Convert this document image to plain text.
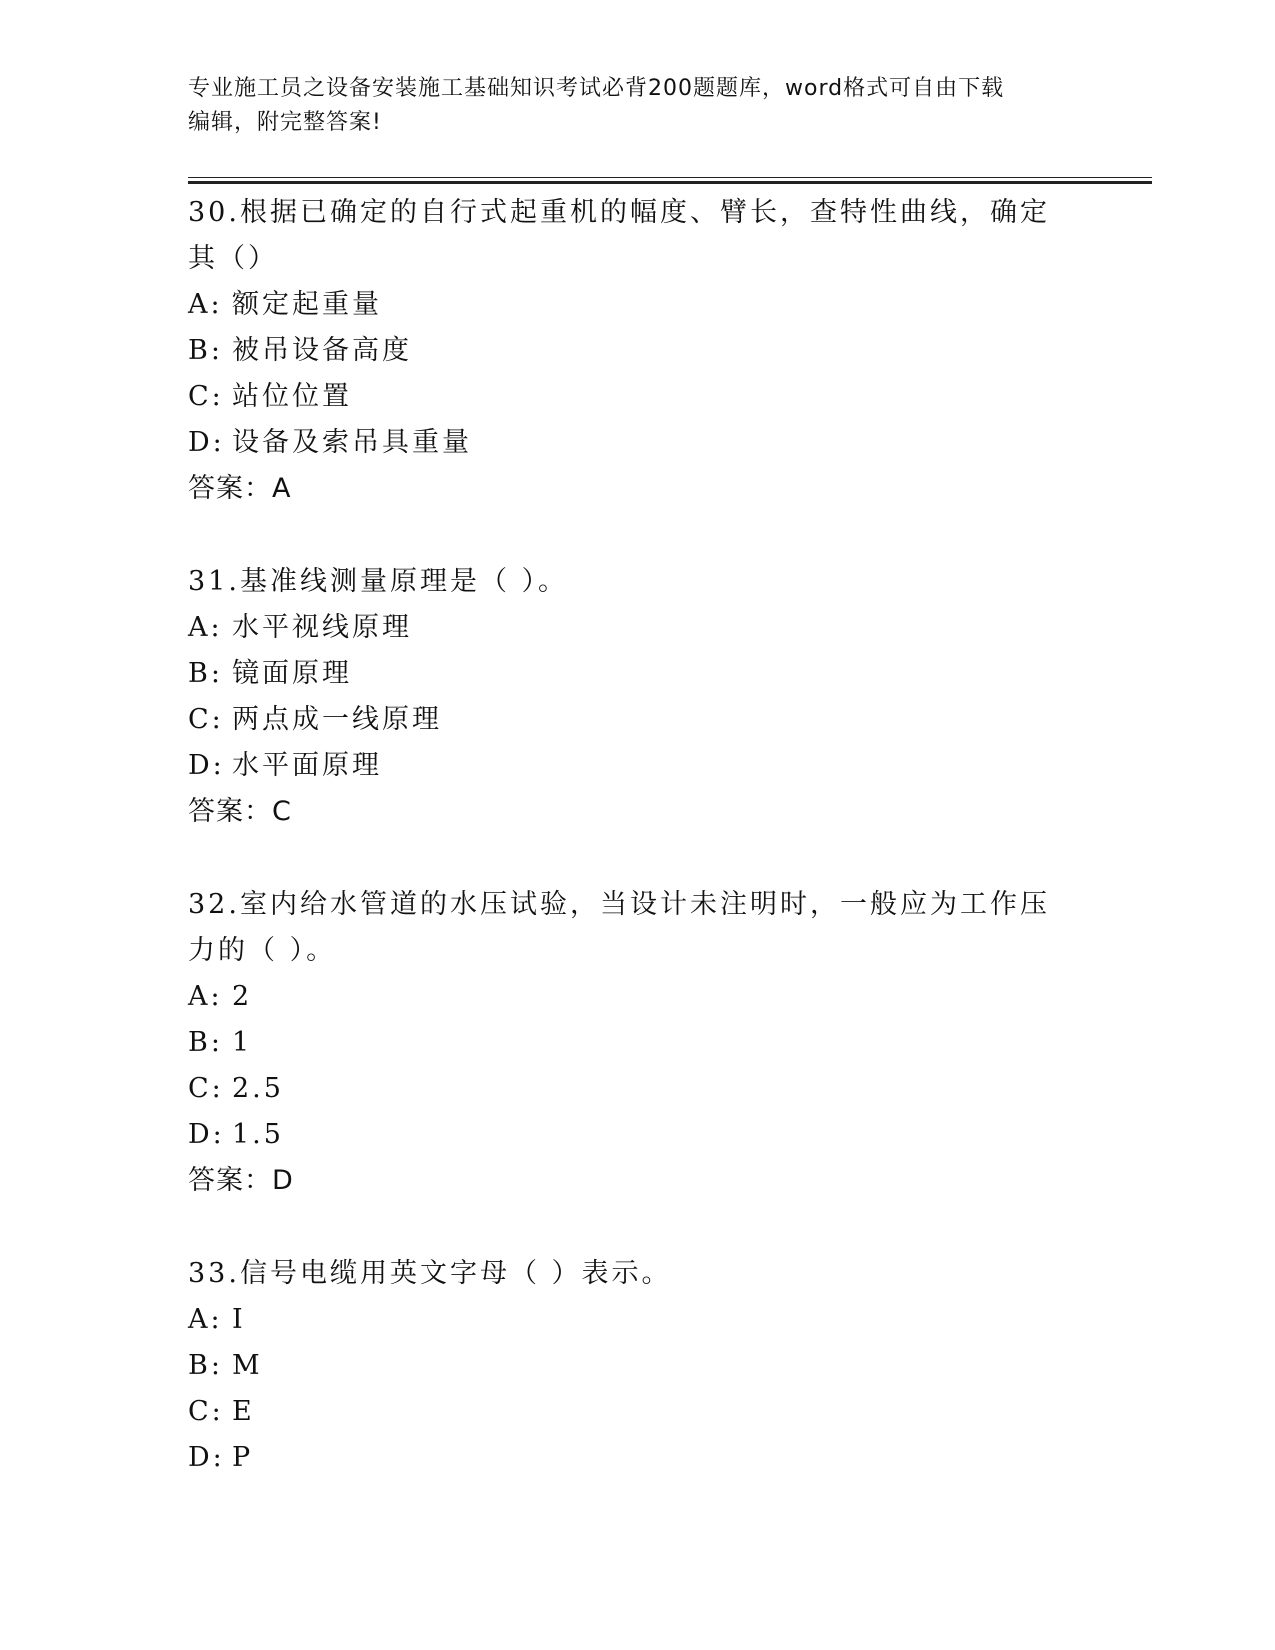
专业施工员之设备安装施工基础知识考试必背200题题库，word格式可自由下载
编辑，附完整答案!
30.根据已确定的自行式起重机的幅度、臂长，查特性曲线，确定其（）
A: 额定起重量
B: 被吊设备高度
C: 站位位置
D: 设备及索吊具重量
答案：A
31.基准线测量原理是（ ）。
A: 水平视线原理
B: 镜面原理
C: 两点成一线原理
D: 水平面原理
答案：C
32.室内给水管道的水压试验，当设计未注明时，一般应为工作压力的（ ）。
A: 2
B: 1
C: 2.5
D: 1.5
答案：D
33.信号电缆用英文字母（ ）表示。
A: I
B: M
C: E
D: P
